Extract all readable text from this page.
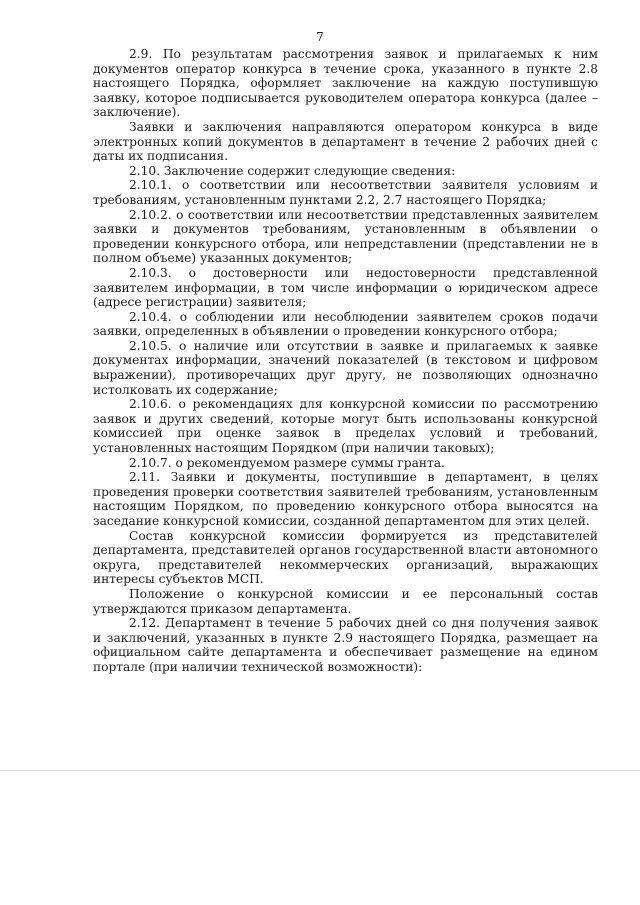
7

2.9. По результатам рассмотрения заявок и прилагаемых к ним документов оператор конкурса в течение срока, указанного в пункте 2.8 настоящего Порядка, оформляет заключение на каждую поступившую заявку, которое подписывается руководителем оператора конкурса (далее – заключение).

Заявки и заключения направляются оператором конкурса в виде электронных копий документов в департамент в течение 2 рабочих дней с даты их подписания.

2.10. Заключение содержит следующие сведения:

2.10.1. о соответствии или несоответствии заявителя условиям и требованиям, установленным пунктами 2.2, 2.7 настоящего Порядка;

2.10.2. о соответствии или несоответствии представленных заявителем заявки и документов требованиям, установленным в объявлении о проведении конкурсного отбора, или непредставлении (представлении не в полном объеме) указанных документов;

2.10.3. о достоверности или недостоверности представленной заявителем информации, в том числе информации о юридическом адресе (адресе регистрации) заявителя;

2.10.4. о соблюдении или несоблюдении заявителем сроков подачи заявки, определенных в объявлении о проведении конкурсного отбора;

2.10.5. о наличие или отсутствии в заявке и прилагаемых к заявке документах информации, значений показателей (в текстовом и цифровом выражении), противоречащих друг другу, не позволяющих однозначно истолковать их содержание;

2.10.6. о рекомендациях для конкурсной комиссии по рассмотрению заявок и других сведений, которые могут быть использованы конкурсной комиссией при оценке заявок в пределах условий и требований, установленных настоящим Порядком (при наличии таковых);

2.10.7. о рекомендуемом размере суммы гранта.

2.11. Заявки и документы, поступившие в департамент, в целях проведения проверки соответствия заявителей требованиям, установленным настоящим Порядком, по проведению конкурсного отбора выносятся на заседание конкурсной комиссии, созданной департаментом для этих целей.

Состав конкурсной комиссии формируется из представителей департамента, представителей органов государственной власти автономного округа, представителей некоммерческих организаций, выражающих интересы субъектов МСП.

Положение о конкурсной комиссии и ее персональный состав утверждаются приказом департамента.

2.12. Департамент в течение 5 рабочих дней со дня получения заявок и заключений, указанных в пункте 2.9 настоящего Порядка, размещает на официальном сайте департамента и обеспечивает размещение на едином портале (при наличии технической возможности):
